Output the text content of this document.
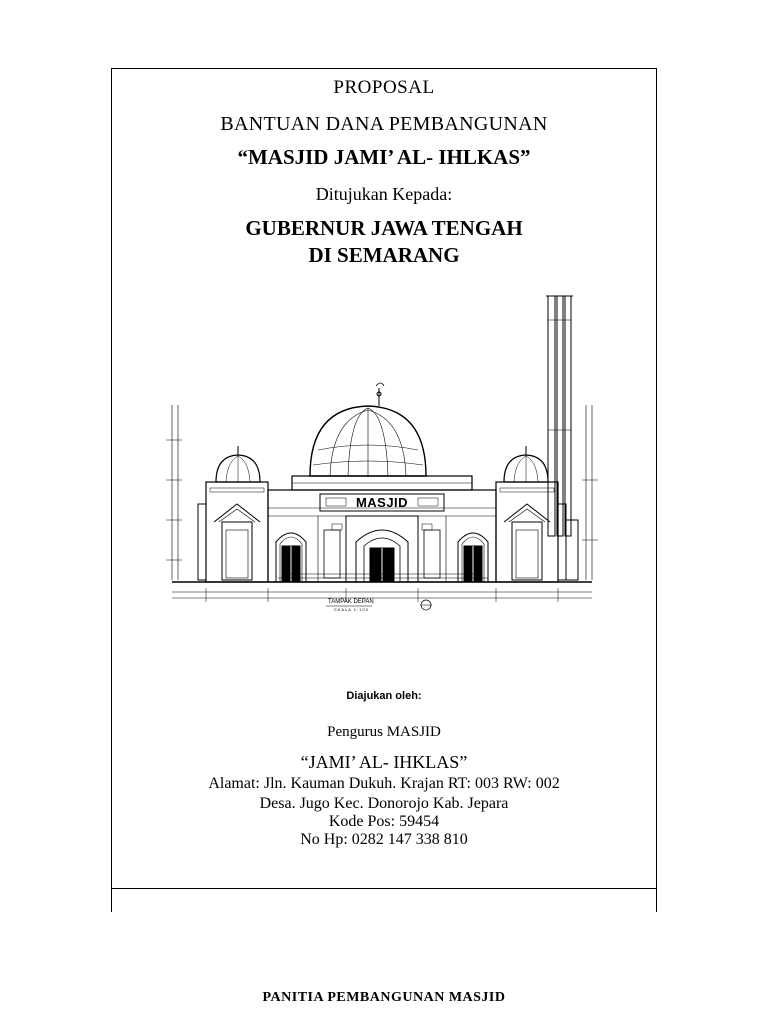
PROPOSAL
BANTUAN DANA PEMBANGUNAN
“MASJID JAMI’ AL- IHLKAS”
Ditujukan Kepada:
GUBERNUR JAWA TENGAH
DI SEMARANG
MASJID
TAMPAK DEPAN
SKALA 1:100
Diajukan oleh:
Pengurus MASJID
“JAMI’ AL- IHKLAS”
Alamat: Jln. Kauman Dukuh. Krajan RT: 003 RW: 002
Desa. Jugo Kec. Donorojo Kab. Jepara
Kode Pos: 59454
No Hp: 0282 147 338 810
PANITIA PEMBANGUNAN MASJID
